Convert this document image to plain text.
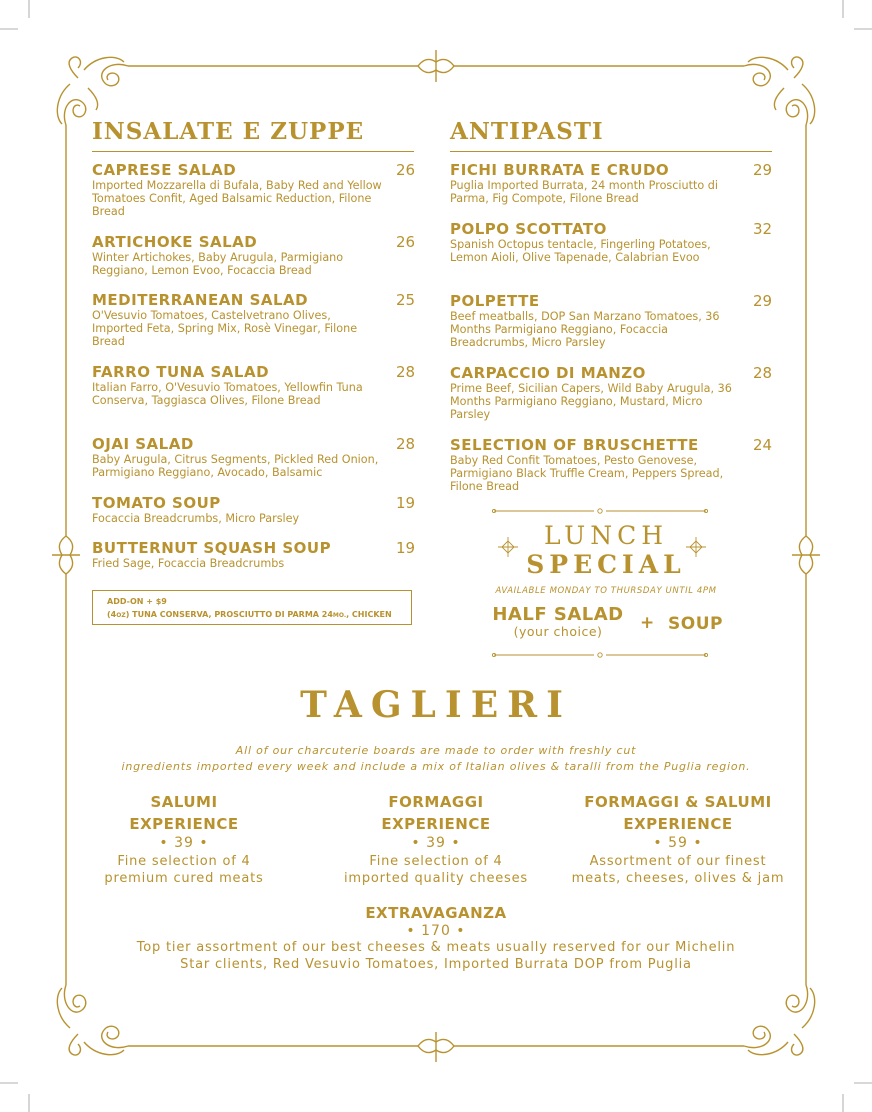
INSALATE E ZUPPE
CAPRESE SALAD	26
Imported Mozzarella di Bufala, Baby Red and Yellow Tomatoes Confit, Aged Balsamic Reduction, Filone Bread
ARTICHOKE SALAD	26
Winter Artichokes, Baby Arugula, Parmigiano Reggiano, Lemon Evoo, Focaccia Bread
MEDITERRANEAN SALAD	25
O'Vesuvio Tomatoes, Castelvetrano Olives, Imported Feta, Spring Mix, Rosè Vinegar, Filone Bread
FARRO TUNA SALAD	28
Italian Farro, O'Vesuvio Tomatoes, Yellowfin Tuna Conserva, Taggiasca Olives, Filone Bread
OJAI SALAD	28
Baby Arugula, Citrus Segments, Pickled Red Onion, Parmigiano Reggiano, Avocado, Balsamic
TOMATO SOUP	19
Focaccia Breadcrumbs, Micro Parsley
BUTTERNUT SQUASH SOUP	19
Fried Sage, Focaccia Breadcrumbs
ADD-ON + $9
(4OZ) TUNA CONSERVA, PROSCIUTTO DI PARMA 24MO., CHICKEN
ANTIPASTI
FICHI BURRATA E CRUDO	29
Puglia Imported Burrata, 24 month Prosciutto di Parma, Fig Compote, Filone Bread
POLPO SCOTTATO	32
Spanish Octopus tentacle, Fingerling Potatoes, Lemon Aioli, Olive Tapenade, Calabrian Evoo
POLPETTE	29
Beef meatballs, DOP San Marzano Tomatoes, 36 Months Parmigiano Reggiano, Focaccia Breadcrumbs, Micro Parsley
CARPACCIO DI MANZO	28
Prime Beef, Sicilian Capers, Wild Baby Arugula, 36 Months Parmigiano Reggiano, Mustard, Micro Parsley
SELECTION OF BRUSCHETTE	24
Baby Red Confit Tomatoes, Pesto Genovese, Parmigiano Black Truffle Cream, Peppers Spread, Filone Bread
LUNCH
SPECIAL
AVAILABLE MONDAY TO THURSDAY UNTIL 4PM
HALF SALAD
(your choice)	+ SOUP
TAGLIERI
All of our charcuterie boards are made to order with freshly cut
ingredients imported every week and include a mix of Italian olives & taralli from the Puglia region.
SALUMI
EXPERIENCE
• 39 •
Fine selection of 4
premium cured meats
FORMAGGI
EXPERIENCE
• 39 •
Fine selection of 4
imported quality cheeses
FORMAGGI & SALUMI
EXPERIENCE
• 59 •
Assortment of our finest
meats, cheeses, olives & jam
EXTRAVAGANZA
• 170 •
Top tier assortment of our best cheeses & meats usually reserved for our Michelin
Star clients, Red Vesuvio Tomatoes, Imported Burrata DOP from Puglia
